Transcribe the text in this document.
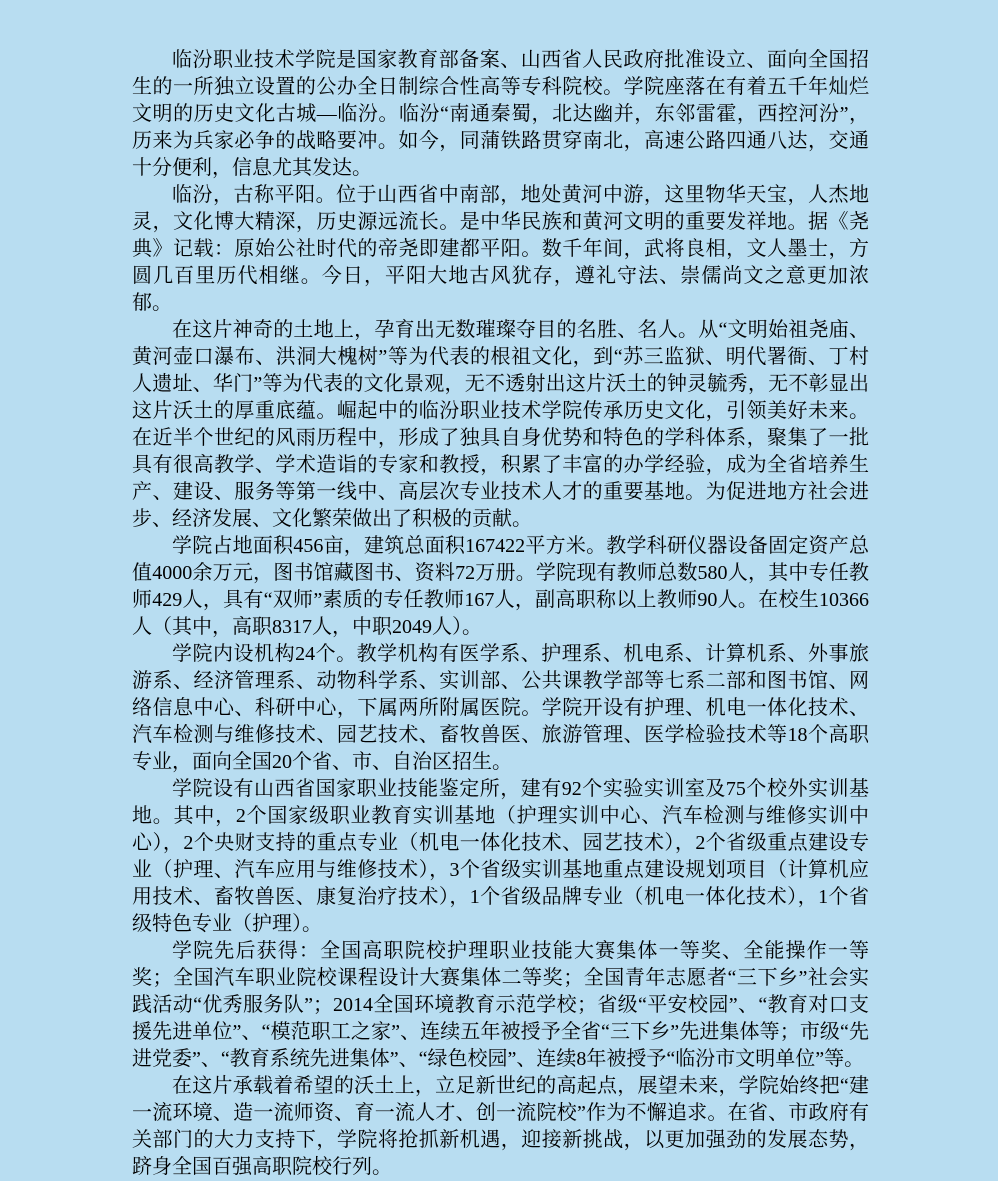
临汾职业技术学院是国家教育部备案、山西省人民政府批准设立、面向全国招生的一所独立设置的公办全日制综合性高等专科院校。学院座落在有着五千年灿烂文明的历史文化古城—临汾。临汾“南通秦蜀，北达幽并，东邻雷霍，西控河汾”，历来为兵家必争的战略要冲。如今，同蒲铁路贯穿南北，高速公路四通八达，交通十分便利，信息尤其发达。

临汾，古称平阳。位于山西省中南部，地处黄河中游，这里物华天宝，人杰地灵，文化博大精深，历史源远流长。是中华民族和黄河文明的重要发祥地。据《尧典》记载：原始公社时代的帝尧即建都平阳。数千年间，武将良相，文人墨士，方圆几百里历代相继。今日，平阳大地古风犹存，遵礼守法、崇儒尚文之意更加浓郁。

在这片神奇的土地上，孕育出无数璀璨夺目的名胜、名人。从“文明始祖尧庙、黄河壶口瀑布、洪洞大槐树”等为代表的根祖文化，到“苏三监狱、明代署衙、丁村人遗址、华门”等为代表的文化景观，无不透射出这片沃土的钟灵毓秀，无不彰显出这片沃土的厚重底蕴。崛起中的临汾职业技术学院传承历史文化，引领美好未来。在近半个世纪的风雨历程中，形成了独具自身优势和特色的学科体系，聚集了一批具有很高教学、学术造诣的专家和教授，积累了丰富的办学经验，成为全省培养生产、建设、服务等第一线中、高层次专业技术人才的重要基地。为促进地方社会进步、经济发展、文化繁荣做出了积极的贡献。

学院占地面积456亩，建筑总面积167422平方米。教学科研仪器设备固定资产总值4000余万元，图书馆藏图书、资料72万册。学院现有教师总数580人，其中专任教师429人，具有“双师”素质的专任教师167人，副高职称以上教师90人。在校生10366人（其中，高职8317人，中职2049人）。

学院内设机构24个。教学机构有医学系、护理系、机电系、计算机系、外事旅游系、经济管理系、动物科学系、实训部、公共课教学部等七系二部和图书馆、网络信息中心、科研中心，下属两所附属医院。学院开设有护理、机电一体化技术、汽车检测与维修技术、园艺技术、畜牧兽医、旅游管理、医学检验技术等18个高职专业，面向全国20个省、市、自治区招生。

学院设有山西省国家职业技能鉴定所，建有92个实验实训室及75个校外实训基地。其中，2个国家级职业教育实训基地（护理实训中心、汽车检测与维修实训中心），2个央财支持的重点专业（机电一体化技术、园艺技术），2个省级重点建设专业（护理、汽车应用与维修技术），3个省级实训基地重点建设规划项目（计算机应用技术、畜牧兽医、康复治疗技术），1个省级品牌专业（机电一体化技术），1个省级特色专业（护理）。

学院先后获得：全国高职院校护理职业技能大赛集体一等奖、全能操作一等奖；全国汽车职业院校课程设计大赛集体二等奖；全国青年志愿者“三下乡”社会实践活动“优秀服务队”；2014全国环境教育示范学校；省级“平安校园”、“教育对口支援先进单位”、“模范职工之家”、连续五年被授予全省“三下乡”先进集体等；市级“先进党委”、“教育系统先进集体”、“绿色校园”、连续8年被授予“临汾市文明单位”等。

在这片承载着希望的沃土上，立足新世纪的高起点，展望未来，学院始终把“建一流环境、造一流师资、育一流人才、创一流院校”作为不懈追求。在省、市政府有关部门的大力支持下，学院将抢抓新机遇，迎接新挑战，以更加强劲的发展态势，跻身全国百强高职院校行列。
